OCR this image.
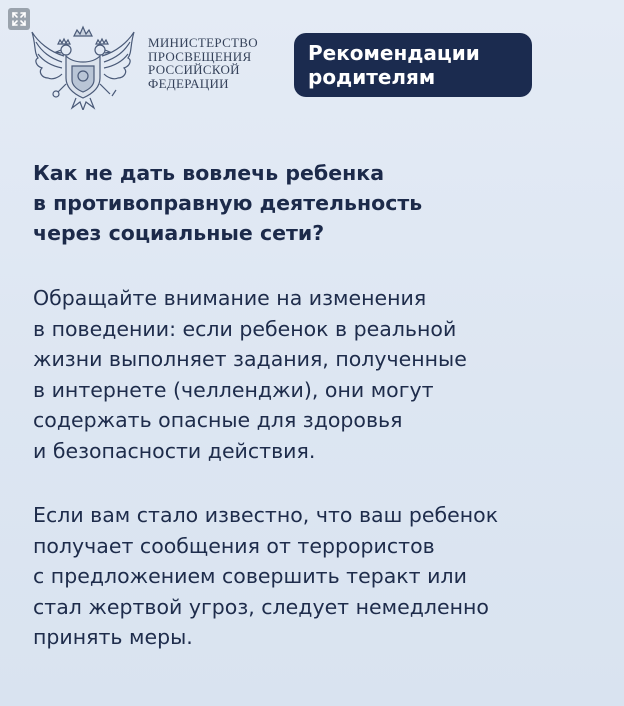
МИНИСТЕРСТВО
ПРОСВЕЩЕНИЯ
РОССИЙСКОЙ
ФЕДЕРАЦИИ
Рекомендации
родителям
Как не дать вовлечь ребенка
в противоправную деятельность
через социальные сети?
Обращайте внимание на изменения
в поведении: если ребенок в реальной
жизни выполняет задания, полученные
в интернете (челленджи), они могут
содержать опасные для здоровья
и безопасности действия.
Если вам стало известно, что ваш ребенок
получает сообщения от террористов
с предложением совершить теракт или
стал жертвой угроз, следует немедленно
принять меры.
